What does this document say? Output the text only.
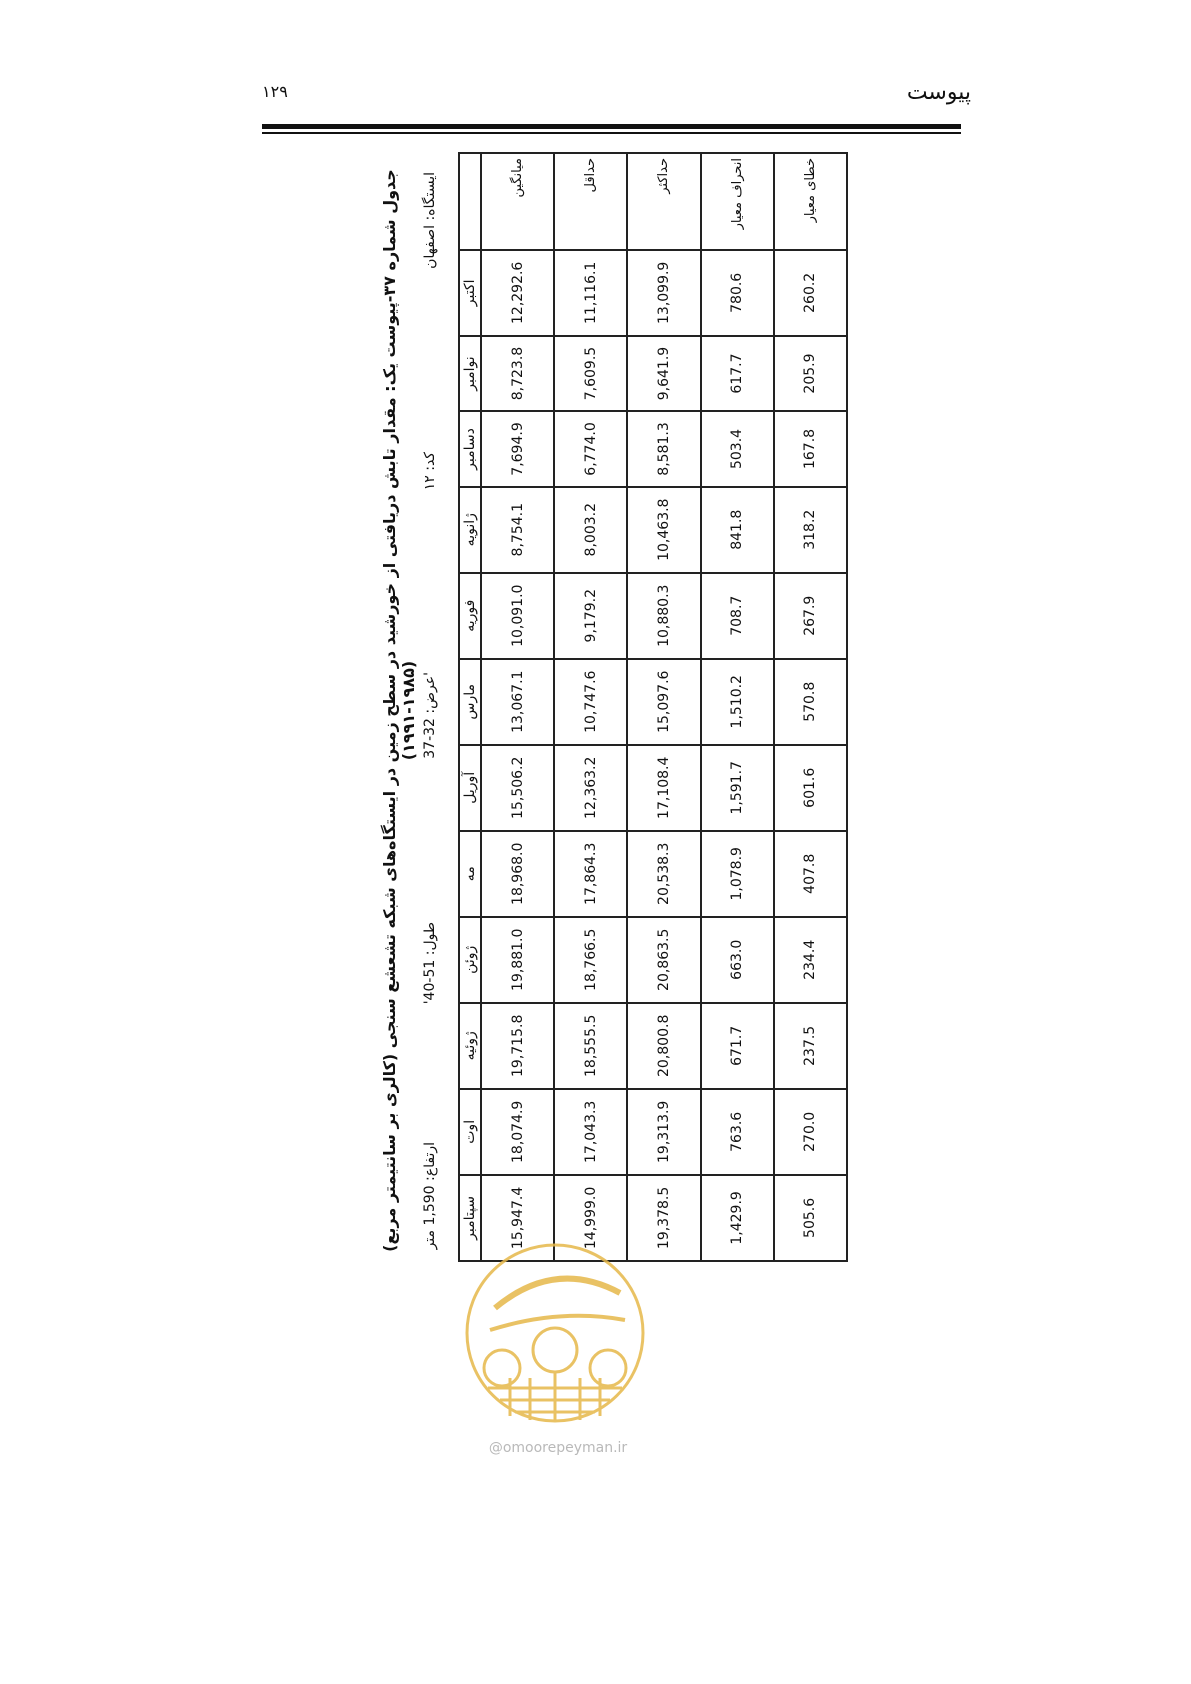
۱۲۹	پیوست
جدول شماره ۳۷-پیوست یک: مقدار تابش دریافتی از خورشید در سطح زمین در ایستگاه‌های شبکه تشعشع سنجی (کالری بر سانتیمتر مربع) (۱۹۸۵-۱۹۹۱)
ایستگاه: اصفهان
کد: ۱۲
عرض: 32-37'
طول: 51-40'
ارتفاع: 1,590 متر
	اکتبر	نوامبر	دسامبر	ژانویه	فوریه	مارس	آوریل	مه	ژوئن	ژوئیه	اوت	سپتامبر
میانگین	12,292.6	8,723.8	7,694.9	8,754.1	10,091.0	13,067.1	15,506.2	18,968.0	19,881.0	19,715.8	18,074.9	15,947.4
حداقل	11,116.1	7,609.5	6,774.0	8,003.2	9,179.2	10,747.6	12,363.2	17,864.3	18,766.5	18,555.5	17,043.3	14,999.0
حداکثر	13,099.9	9,641.9	8,581.3	10,463.8	10,880.3	15,097.6	17,108.4	20,538.3	20,863.5	20,800.8	19,313.9	19,378.5
انحراف معیار	780.6	617.7	503.4	841.8	708.7	1,510.2	1,591.7	1,078.9	663.0	671.7	763.6	1,429.9
خطای معیار	260.2	205.9	167.8	318.2	267.9	570.8	601.6	407.8	234.4	237.5	270.0	505.6
@omoorepeyman.ir
